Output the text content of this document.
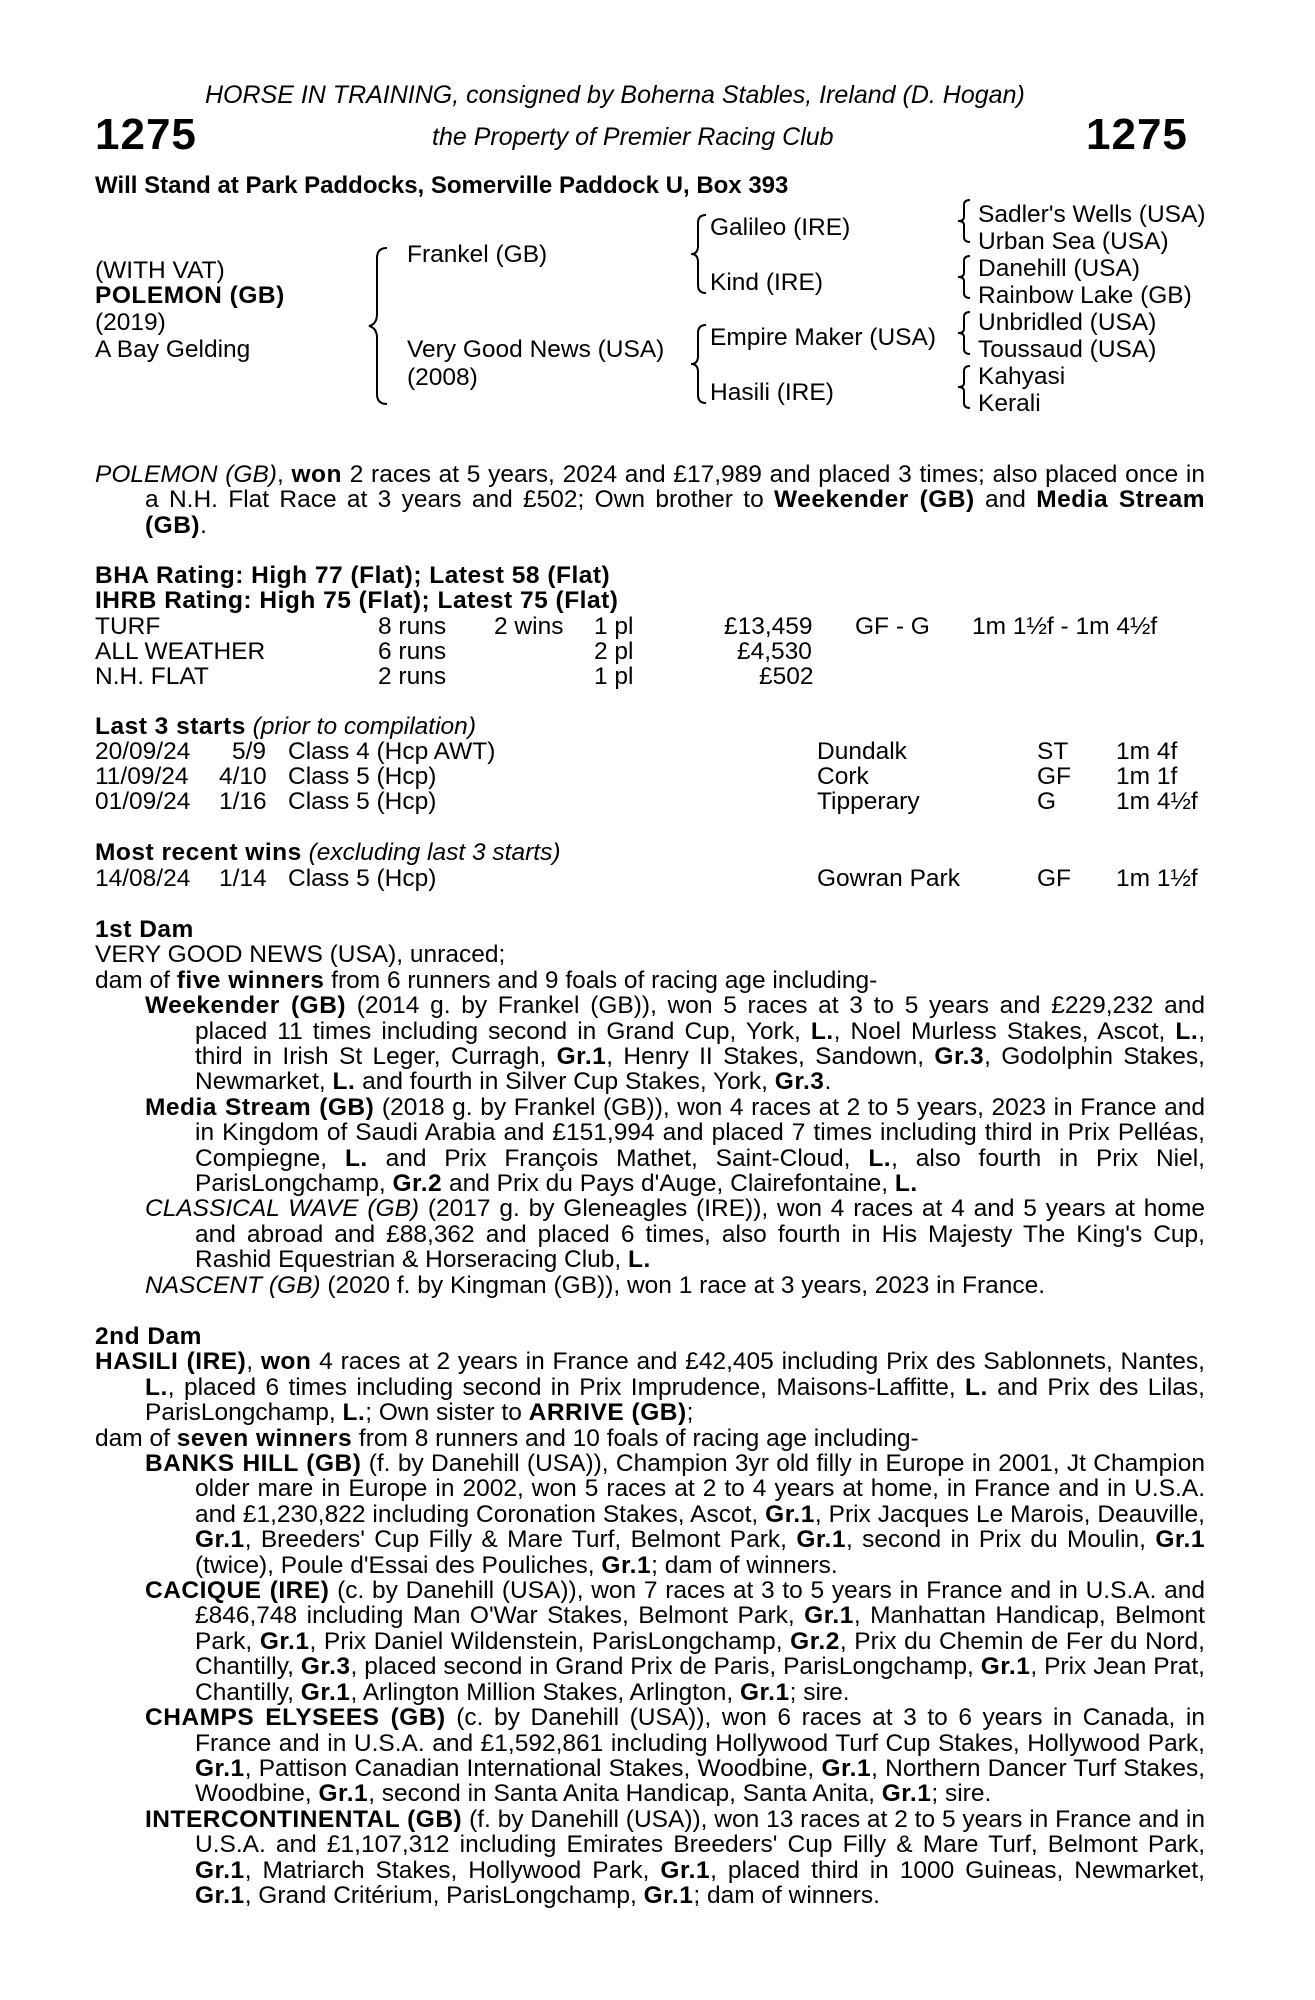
HORSE IN TRAINING, consigned by Boherna Stables, Ireland (D. Hogan)
the Property of Premier Racing Club
1275	1275
Will Stand at Park Paddocks, Somerville Paddock U, Box 393
(WITH VAT)
POLEMON (GB)
(2019)
A Bay Gelding
Frankel (GB)
Very Good News (USA)
(2008)
Galileo (IRE)
Kind (IRE)
Empire Maker (USA)
Hasili (IRE)
Sadler's Wells (USA)
Urban Sea (USA)
Danehill (USA)
Rainbow Lake (GB)
Unbridled (USA)
Toussaud (USA)
Kahyasi
Kerali

POLEMON (GB), won 2 races at 5 years, 2024 and £17,989 and placed 3 times; also placed once in a N.H. Flat Race at 3 years and £502; Own brother to Weekender (GB) and Media Stream (GB).

BHA Rating: High 77 (Flat); Latest 58 (Flat)
IHRB Rating: High 75 (Flat); Latest 75 (Flat)
TURF	8 runs 2 wins 1 pl	£13,459 GF - G 1m 1½f - 1m 4½f
ALL WEATHER	6 runs	2 pl	£4,530
N.H. FLAT	2 runs	1 pl	£502
Last 3 starts (prior to compilation)
20/09/24 5/9 Class 4 (Hcp AWT)	Dundalk	ST 1m 4f
11/09/24 4/10 Class 5 (Hcp)	Cork	GF 1m 1f
01/09/24 1/16 Class 5 (Hcp)	Tipperary	G 1m 4½f
Most recent wins (excluding last 3 starts)
14/08/24 1/14 Class 5 (Hcp)	Gowran Park	GF 1m 1½f

1st Dam

VERY GOOD NEWS (USA), unraced;

dam of five winners from 6 runners and 9 foals of racing age including-

Weekender (GB) (2014 g. by Frankel (GB)), won 5 races at 3 to 5 years and £229,232 and placed 11 times including second in Grand Cup, York, L., Noel Murless Stakes, Ascot, L., third in Irish St Leger, Curragh, Gr.1, Henry II Stakes, Sandown, Gr.3, Godolphin Stakes, Newmarket, L. and fourth in Silver Cup Stakes, York, Gr.3.

Media Stream (GB) (2018 g. by Frankel (GB)), won 4 races at 2 to 5 years, 2023 in France and in Kingdom of Saudi Arabia and £151,994 and placed 7 times including third in Prix Pelléas, Compiegne, L. and Prix François Mathet, Saint-Cloud, L., also fourth in Prix Niel, ParisLongchamp, Gr.2 and Prix du Pays d'Auge, Clairefontaine, L.

CLASSICAL WAVE (GB) (2017 g. by Gleneagles (IRE)), won 4 races at 4 and 5 years at home and abroad and £88,362 and placed 6 times, also fourth in His Majesty The King's Cup, Rashid Equestrian & Horseracing Club, L.

NASCENT (GB) (2020 f. by Kingman (GB)), won 1 race at 3 years, 2023 in France.

2nd Dam

HASILI (IRE), won 4 races at 2 years in France and £42,405 including Prix des Sablonnets, Nantes, L., placed 6 times including second in Prix Imprudence, Maisons-Laffitte, L. and Prix des Lilas, ParisLongchamp, L.; Own sister to ARRIVE (GB);

dam of seven winners from 8 runners and 10 foals of racing age including-

BANKS HILL (GB) (f. by Danehill (USA)), Champion 3yr old filly in Europe in 2001, Jt Champion older mare in Europe in 2002, won 5 races at 2 to 4 years at home, in France and in U.S.A. and £1,230,822 including Coronation Stakes, Ascot, Gr.1, Prix Jacques Le Marois, Deauville, Gr.1, Breeders' Cup Filly & Mare Turf, Belmont Park, Gr.1, second in Prix du Moulin, Gr.1 (twice), Poule d'Essai des Pouliches, Gr.1; dam of winners.

CACIQUE (IRE) (c. by Danehill (USA)), won 7 races at 3 to 5 years in France and in U.S.A. and £846,748 including Man O'War Stakes, Belmont Park, Gr.1, Manhattan Handicap, Belmont Park, Gr.1, Prix Daniel Wildenstein, ParisLongchamp, Gr.2, Prix du Chemin de Fer du Nord, Chantilly, Gr.3, placed second in Grand Prix de Paris, ParisLongchamp, Gr.1, Prix Jean Prat, Chantilly, Gr.1, Arlington Million Stakes, Arlington, Gr.1; sire.

CHAMPS ELYSEES (GB) (c. by Danehill (USA)), won 6 races at 3 to 6 years in Canada, in France and in U.S.A. and £1,592,861 including Hollywood Turf Cup Stakes, Hollywood Park, Gr.1, Pattison Canadian International Stakes, Woodbine, Gr.1, Northern Dancer Turf Stakes, Woodbine, Gr.1, second in Santa Anita Handicap, Santa Anita, Gr.1; sire.

INTERCONTINENTAL (GB) (f. by Danehill (USA)), won 13 races at 2 to 5 years in France and in U.S.A. and £1,107,312 including Emirates Breeders' Cup Filly & Mare Turf, Belmont Park, Gr.1, Matriarch Stakes, Hollywood Park, Gr.1, placed third in 1000 Guineas, Newmarket, Gr.1, Grand Critérium, ParisLongchamp, Gr.1; dam of winners.
